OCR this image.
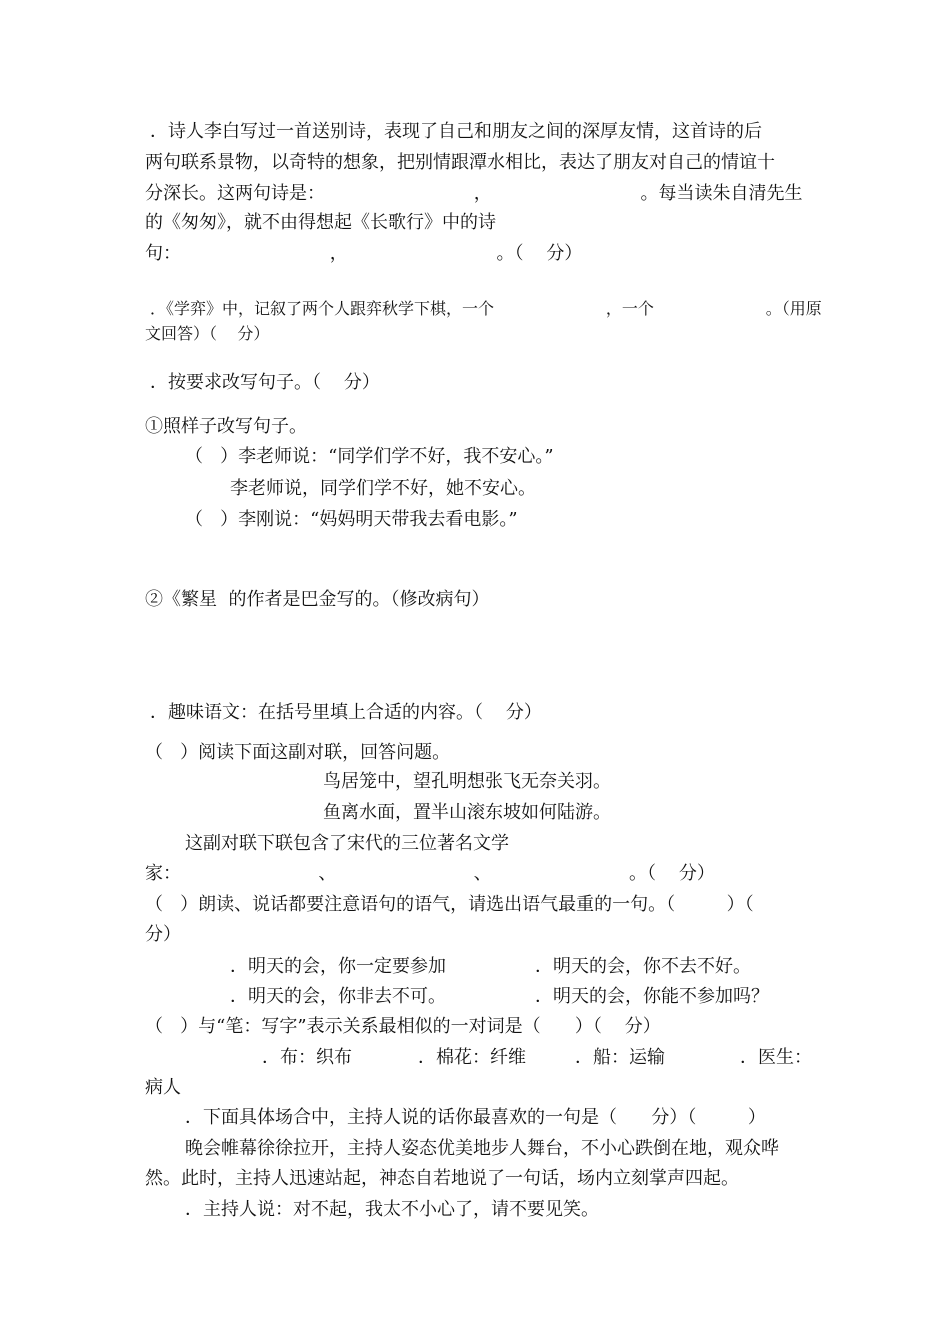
．诗人李白写过一首送别诗，表现了自己和朋友之间的深厚友情，这首诗的后
两句联系景物，以奇特的想象，把别情跟潭水相比，表达了朋友对自己的情谊十
分深长。这两句诗是：                          ，                          。每当读朱自清先生
的《匆匆》，就不由得想起《长歌行》中的诗
句：                          ，                          。（    分）
．《学弈》中，记叙了两个人跟弈秋学下棋，一个                      ，一个                      。（用原
文回答）（    分）
．按要求改写句子。（    分）
①照样子改写句子。
（   ）李老师说：“同学们学不好，我不安心。”
李老师说，同学们学不好，她不安心。
（   ）李刚说：“妈妈明天带我去看电影。”
②《繁星  的作者是巴金写的。（修改病句）
．趣味语文：在括号里填上合适的内容。（    分）
（   ）阅读下面这副对联，回答问题。
鸟居笼中，望孔明想张飞无奈关羽。
鱼离水面，置半山滚东坡如何陆游。
这副对联下联包含了宋代的三位著名文学
家：                        、                        、                        。（    分）
（   ）朗读、说话都要注意语句的语气，请选出语气最重的一句。（         ）（
分）
．明天的会，你一定要参加	．明天的会，你不去不好。
．明天的会，你非去不可。	．明天的会，你能不参加吗？
（   ）与“笔：写字”表示关系最相似的一对词是（      ）（    分）
．布：织布	．棉花：纤维	．船：运输	．医生：
病人
．下面具体场合中，主持人说的话你最喜欢的一句是（      分）（         ）
晚会帷幕徐徐拉开，主持人姿态优美地步人舞台，不小心跌倒在地，观众哗
然。此时，主持人迅速站起，神态自若地说了一句话，场内立刻掌声四起。
．主持人说：对不起，我太不小心了，请不要见笑。
